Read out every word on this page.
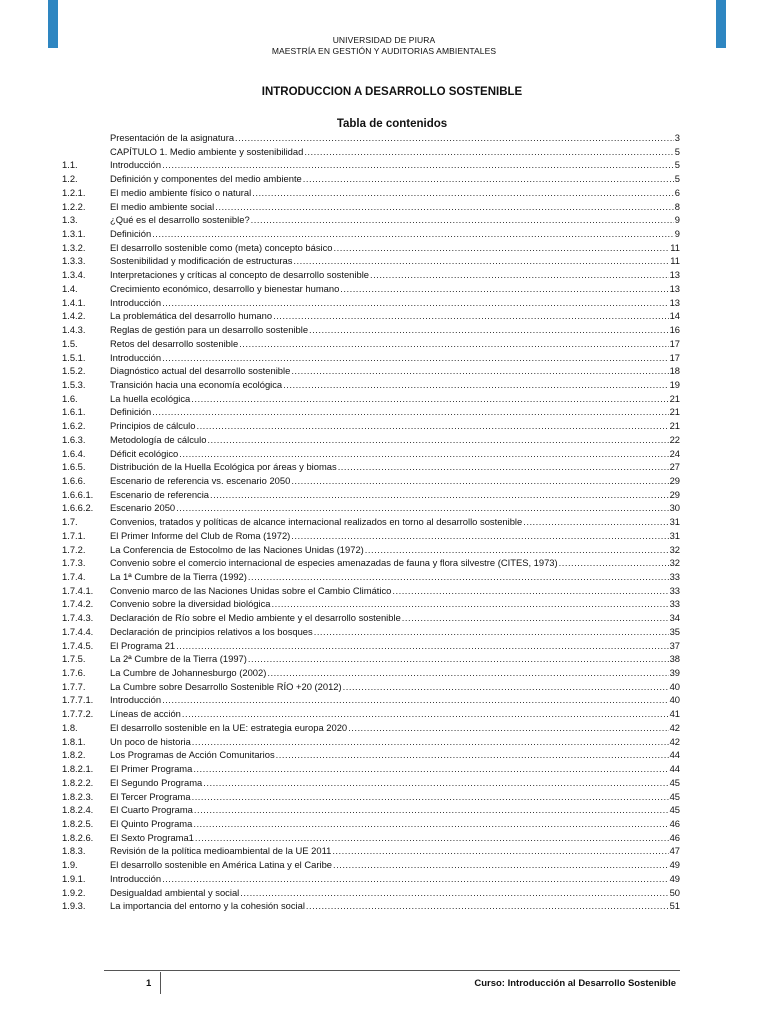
UNIVERSIDAD DE PIURA
MAESTRÍA EN GESTIÓN Y AUDITORIAS AMBIENTALES
INTRODUCCION A DESARROLLO SOSTENIBLE
Tabla de contenidos
Presentación de la asignatura .....	3
CAPÍTULO 1. Medio ambiente y sostenibilidad .....	5
1.1.	Introducción .....	5
1.2.	Definición y componentes del medio ambiente .....	5
1.2.1.	El medio ambiente físico o natural .....	6
1.2.2.	El medio ambiente social .....	8
1.3.	¿Qué es el desarrollo sostenible? .....	9
1.3.1.	Definición .....	9
1.3.2.	El desarrollo sostenible como (meta) concepto básico .....	11
1.3.3.	Sostenibilidad y modificación de estructuras .....	11
1.3.4.	Interpretaciones y críticas al concepto de desarrollo sostenible .....	13
1.4.	Crecimiento económico, desarrollo y bienestar humano .....	13
1.4.1.	Introducción .....	13
1.4.2.	La problemática del desarrollo humano .....	14
1.4.3.	Reglas de gestión para un desarrollo sostenible .....	16
1.5.	Retos del desarrollo sostenible .....	17
1.5.1.	Introducción .....	17
1.5.2.	Diagnóstico actual del desarrollo sostenible .....	18
1.5.3.	Transición hacia una economía ecológica .....	19
1.6.	La huella ecológica .....	21
1.6.1.	Definición .....	21
1.6.2.	Principios de cálculo .....	21
1.6.3.	Metodología de cálculo .....	22
1.6.4.	Déficit ecológico .....	24
1.6.5.	Distribución de la Huella Ecológica por áreas y biomas .....	27
1.6.6.	Escenario de referencia vs. escenario 2050 .....	29
1.6.6.1.	Escenario de referencia .....	29
1.6.6.2.	Escenario 2050 .....	30
1.7.	Convenios, tratados y políticas de alcance internacional realizados en torno al desarrollo sostenible .....	31
1.7.1.	El Primer Informe del Club de Roma (1972) .....	31
1.7.2.	La Conferencia de Estocolmo de las Naciones Unidas (1972) .....	32
1.7.3.	Convenio sobre el comercio internacional de especies amenazadas de fauna y flora silvestre (CITES, 1973) .....	32
1.7.4.	La 1ª Cumbre de la Tierra (1992) .....	33
1.7.4.1.	Convenio marco de las Naciones Unidas sobre el Cambio Climático .....	33
1.7.4.2.	Convenio sobre la diversidad biológica .....	33
1.7.4.3.	Declaración de Río sobre el Medio ambiente y el desarrollo sostenible .....	34
1.7.4.4.	Declaración de principios relativos a los bosques .....	35
1.7.4.5.	El Programa 21 .....	37
1.7.5.	La 2ª Cumbre de la Tierra (1997) .....	38
1.7.6.	La Cumbre de Johannesburgo (2002) .....	39
1.7.7.	La Cumbre sobre Desarrollo Sostenible RÍO +20 (2012) .....	40
1.7.7.1.	Introducción .....	40
1.7.7.2.	Líneas de acción .....	41
1.8.	El desarrollo sostenible en la UE: estrategia europa 2020 .....	42
1.8.1.	Un poco de historia .....	42
1.8.2.	Los Programas de Acción Comunitarios .....	44
1.8.2.1.	El Primer Programa .....	44
1.8.2.2.	El Segundo Programa .....	45
1.8.2.3.	El Tercer Programa .....	45
1.8.2.4.	El Cuarto Programa .....	45
1.8.2.5.	El Quinto Programa .....	46
1.8.2.6.	El Sexto Programa1 .....	46
1.8.3.	Revisión de la política medioambiental de la UE 2011 .....	47
1.9.	El desarrollo sostenible en América Latina y el Caribe .....	49
1.9.1.	Introducción .....	49
1.9.2.	Desigualdad ambiental y social .....	50
1.9.3.	La importancia del entorno y la cohesión social .....	51
1	Curso: Introducción al Desarrollo Sostenible
